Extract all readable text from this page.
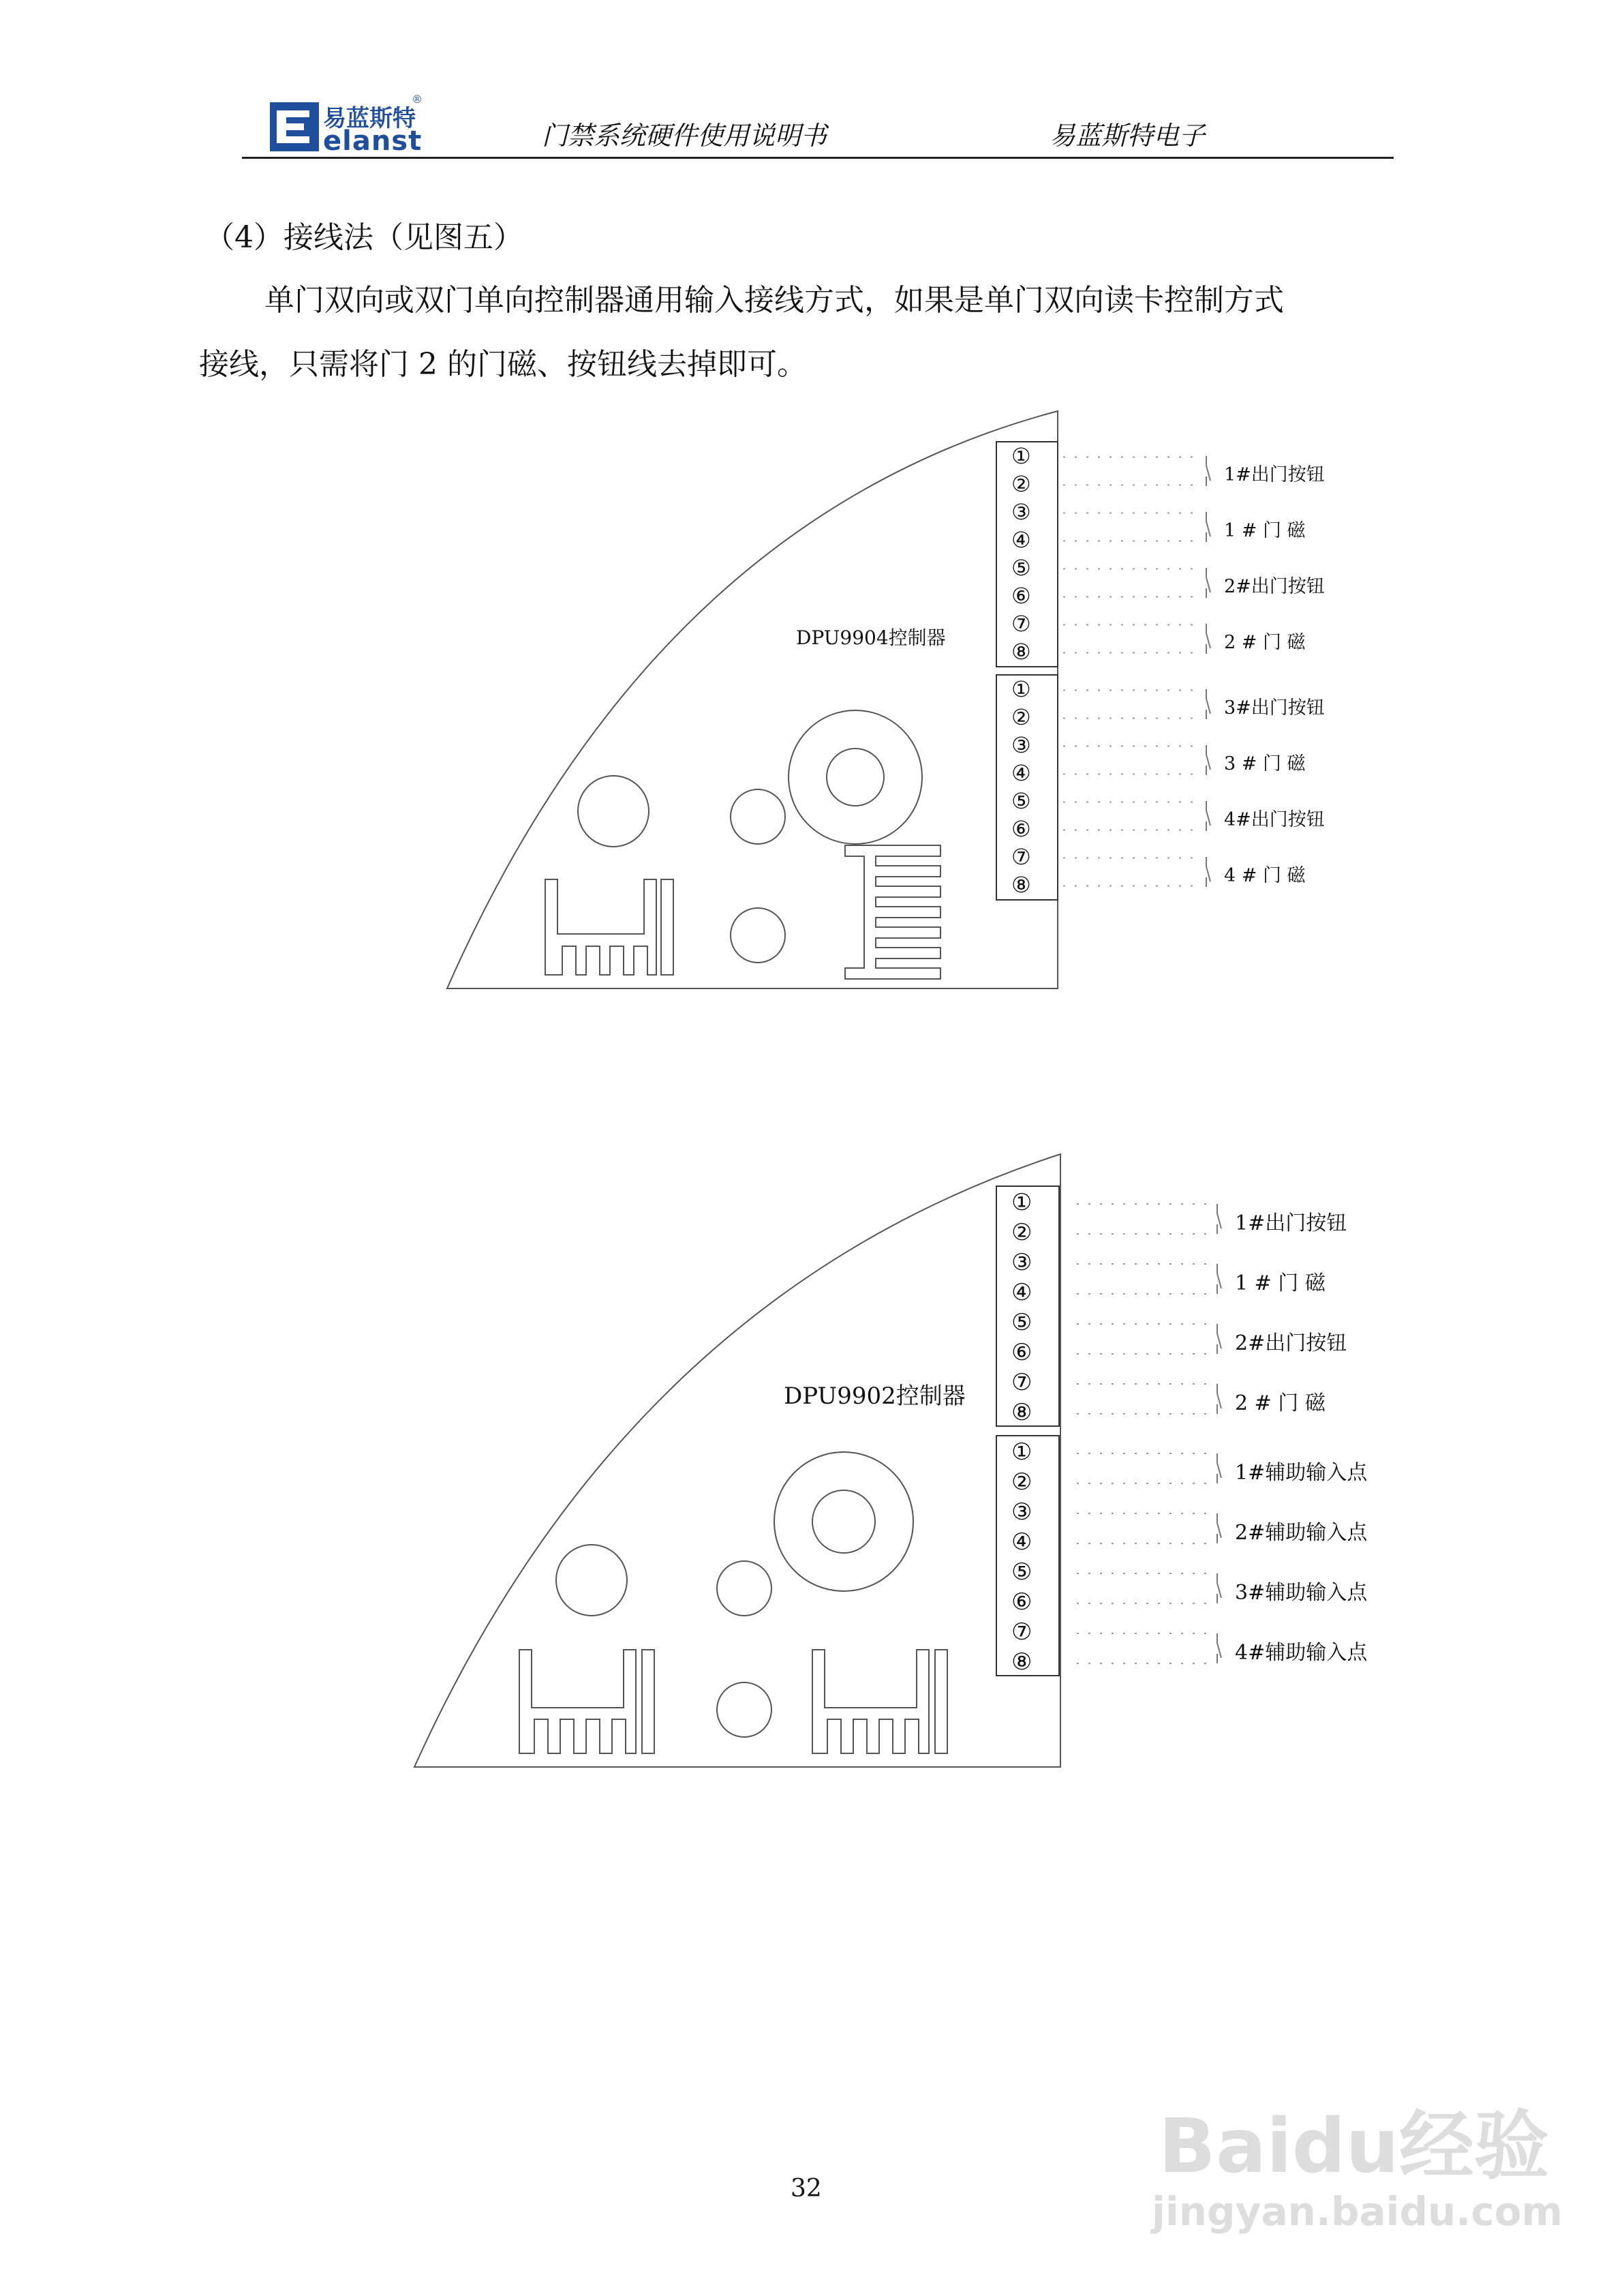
易蓝斯特
elanst
®
门禁系统硬件使用说明书	易蓝斯特电子
（4）接线法（见图五）
单门双向或双门单向控制器通用输入接线方式，如果是单门双向读卡控制方式
接线，只需将门 2 的门磁、按钮线去掉即可。
DPU9904控制器
DPU9902控制器
①
②
③
④
⑤
⑥
⑦
⑧
①
②
③
④
⑤
⑥
⑦
⑧
1#出门按钮
1 # 门 磁
2#出门按钮
2 # 门 磁
3#出门按钮
3 # 门 磁
4#出门按钮
4 # 门 磁
①
②
③
④
⑤
⑥
⑦
⑧
①
②
③
④
⑤
⑥
⑦
⑧
1#出门按钮
1 # 门 磁
2#出门按钮
2 # 门 磁
1#辅助输入点
2#辅助输入点
3#辅助输入点
4#辅助输入点
32	Baidu经验
jingyan.baidu.com
